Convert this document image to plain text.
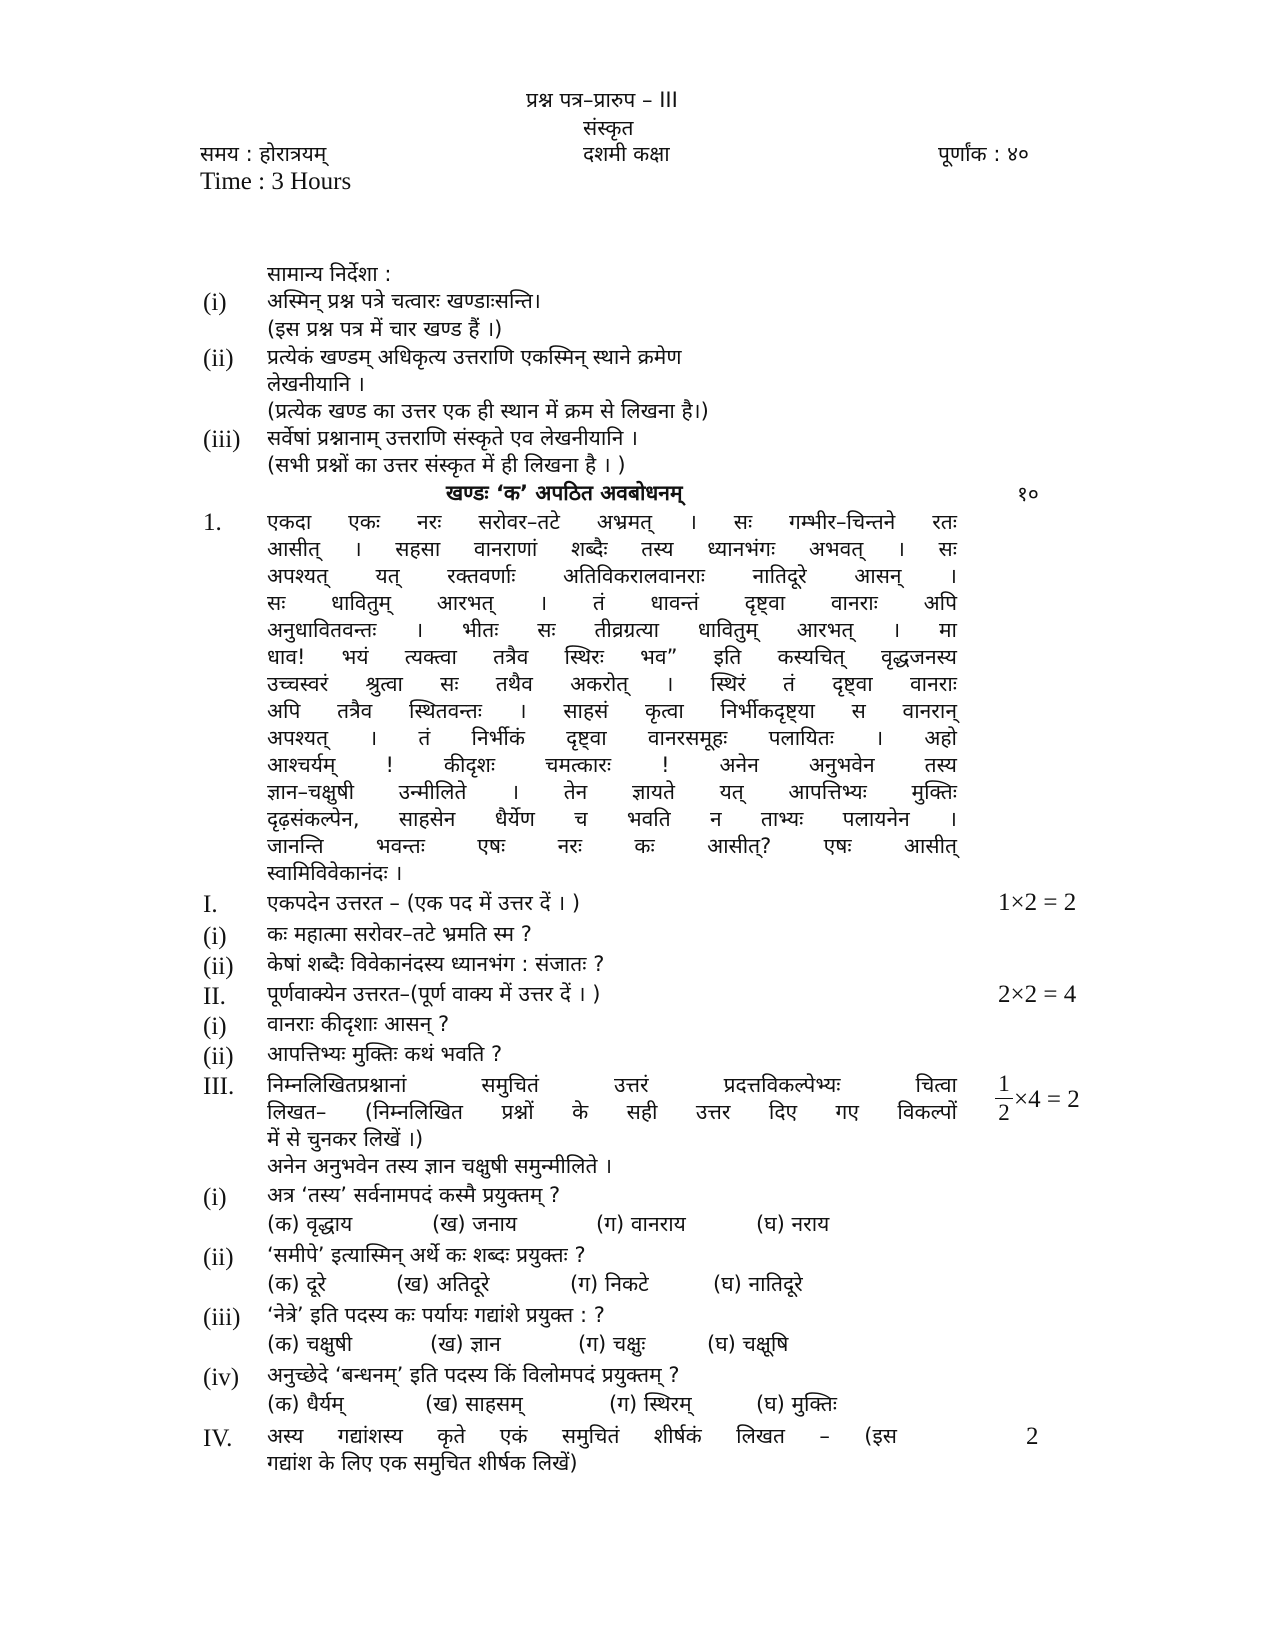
प्रश्न पत्र–प्रारुप – III
संस्कृत
समय : होरात्रयम्	दशमी कक्षा	पूर्णांक : ४०
Time : 3 Hours
सामान्य निर्देशा :
(i) अस्मिन् प्रश्न पत्रे चत्वारः खण्डाःसन्ति।
(इस प्रश्न पत्र में चार खण्ड हैं ।)
(ii) प्रत्येकं खण्डम् अधिकृत्य उत्तराणि एकस्मिन् स्थाने क्रमेण
लेखनीयानि ।
(प्रत्येक खण्ड का उत्तर एक ही स्थान में क्रम से लिखना है।)
(iii) सर्वेषां प्रश्नानाम् उत्तराणि संस्कृते एव लेखनीयानि ।
(सभी प्रश्नों का उत्तर संस्कृत में ही लिखना है । )
खण्डः ‘क’ अपठित अवबोधनम्	१०
1. एकदा एकः नरः सरोवर–तटे अभ्रमत् । सः गम्भीर–चिन्तने रतः
आसीत् । सहसा वानराणां शब्दैः तस्य ध्यानभंगः अभवत् । सः
अपश्यत् यत् रक्तवर्णाः अतिविकरालवानराः नातिदूरे आसन् ।
सः धावितुम् आरभत् । तं धावन्तं दृष्ट्वा वानराः अपि
अनुधावितवन्तः । भीतः सः तीव्रग्रत्या धावितुम् आरभत् । मा
धाव! भयं त्यक्त्वा तत्रैव स्थिरः भव” इति कस्यचित् वृद्धजनस्य
उच्चस्वरं श्रुत्वा सः तथैव अकरोत् । स्थिरं तं दृष्ट्वा वानराः
अपि तत्रैव स्थितवन्तः । साहसं कृत्वा निर्भीकदृष्ट्या स वानरान्
अपश्यत् । तं निर्भीकं दृष्ट्वा वानरसमूहः पलायितः । अहो
आश्चर्यम् ! कीदृशः चमत्कारः ! अनेन अनुभवेन तस्य
ज्ञान–चक्षुषी उन्मीलिते । तेन ज्ञायते यत् आपत्तिभ्यः मुक्तिः
दृढ़संकल्पेन, साहसेन धैर्येण च भवति न ताभ्यः पलायनेन ।
जानन्ति भवन्तः एषः नरः कः आसीत्? एषः आसीत्
स्वामिविवेकानंदः ।
I. एकपदेन उत्तरत – (एक पद में उत्तर दें । )	1×2 = 2
(i) कः महात्मा सरोवर–तटे भ्रमति स्म ?
(ii) केषां शब्दैः विवेकानंदस्य ध्यानभंग : संजातः ?
II. पूर्णवाक्येन उत्तरत–(पूर्ण वाक्य में उत्तर दें । )	2×2 = 4
(i) वानराः कीदृशाः आसन् ?
(ii) आपत्तिभ्यः मुक्तिः कथं भवति ?
III. निम्नलिखितप्रश्नानां समुचितं उत्तरं प्रदत्तविकल्पेभ्यः चित्वा
लिखत– (निम्नलिखित प्रश्नों के सही उत्तर दिए गए विकल्पों
में से चुनकर लिखें ।)
1
2 ×4 = 2
अनेन अनुभवेन तस्य ज्ञान चक्षुषी समुन्मीलिते ।
(i) अत्र ‘तस्य’ सर्वनामपदं कस्मै प्रयुक्तम् ?
(क) वृद्धाय	(ख) जनाय	(ग) वानराय	(घ) नराय
(ii) ‘समीपे’ इत्यास्मिन् अर्थे कः शब्दः प्रयुक्तः ?
(क) दूरे	(ख) अतिदूरे	(ग) निकटे	(घ) नातिदूरे
(iii) ‘नेत्रे’ इति पदस्य कः पर्यायः गद्यांशे प्रयुक्त : ?
(क) चक्षुषी	(ख) ज्ञान	(ग) चक्षुः	(घ) चक्षूषि
(iv) अनुच्छेदे ‘बन्धनम्’ इति पदस्य किं विलोमपदं प्रयुक्तम् ?
(क) धैर्यम्	(ख) साहसम्	(ग) स्थिरम्	(घ) मुक्तिः
IV. अस्य गद्यांशस्य कृते एकं समुचितं शीर्षकं लिखत – (इस
गद्यांश के लिए एक समुचित शीर्षक लिखें)
2
